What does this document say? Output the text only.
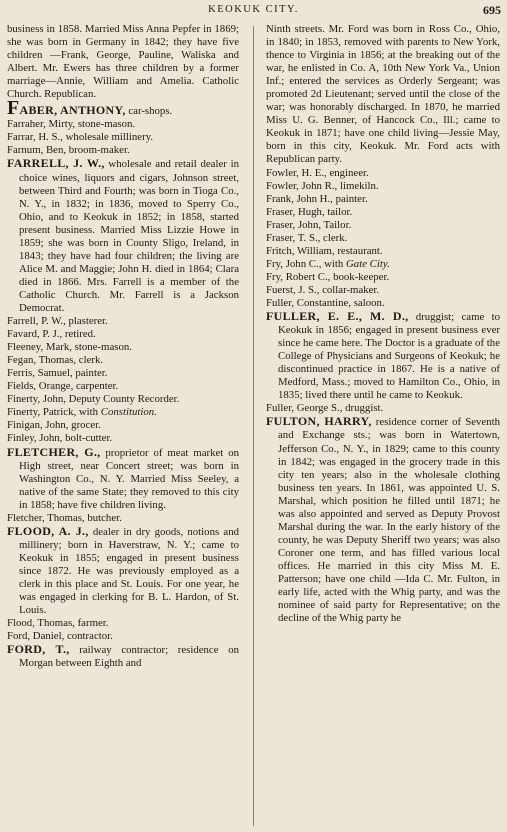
KEOKUK CITY.	695

business in 1858. Married Miss Anna Pepfer in 1869; she was born in Germany in 1842; they have five children —Frank, George, Pauline, Waliska and Albert. Mr. Ewers has three children by a former marriage—Annie, William and Amelia. Catholic Church. Republican.

FABER, ANTHONY, car-shops.

Farraher, Mirty, stone-mason.

Farrar, H. S., wholesale millinery.

Farnum, Ben, broom-maker.

FARRELL, J. W., wholesale and retail dealer in choice wines, liquors and cigars, Johnson street, between Third and Fourth; was born in Tioga Co., N. Y., in 1832; in 1836, moved to Sperry Co., Ohio, and to Keokuk in 1852; in 1858, started present business. Married Miss Lizzie Howe in 1859; she was born in County Sligo, Ireland, in 1843; they have had four children; the living are Alice M. and Maggie; John H. died in 1864; Clara died in 1866. Mrs. Farrell is a member of the Catholic Church. Mr. Farrell is a Jackson Democrat.

Farrell, P. W., plasterer.

Favard, P. J., retired.

Fleeney, Mark, stone-mason.

Fegan, Thomas, clerk.

Ferris, Samuel, painter.

Fields, Orange, carpenter.

Finerty, John, Deputy County Recorder.

Finerty, Patrick, with Constitution.

Finigan, John, grocer.

Finley, John, bolt-cutter.

FLETCHER, G., proprietor of meat market on High street, near Concert street; was born in Washington Co., N. Y. Married Miss Seeley, a native of the same State; they removed to this city in 1858; have five children living.

Fletcher, Thomas, butcher.

FLOOD, A. J., dealer in dry goods, notions and millinery; born in Haverstraw, N. Y.; came to Keokuk in 1855; engaged in present business since 1872. He was previously employed as a clerk in this place and St. Louis. For one year, he was engaged in clerking for B. L. Hardon, of St. Louis.

Flood, Thomas, farmer.

Ford, Daniel, contractor.

FORD, T., railway contractor; residence on Morgan between Eighth and

Ninth streets. Mr. Ford was born in Ross Co., Ohio, in 1840; in 1853, removed with parents to New York, thence to Virginia in 1856; at the breaking out of the war, he enlisted in Co. A, 10th New York Va., Union Inf.; entered the services as Orderly Sergeant; was promoted 2d Lieutenant; served until the close of the war; was honorably discharged. In 1870, he married Miss U. G. Benner, of Hancock Co., Ill.; came to Keokuk in 1871; have one child living—Jessie May, born in this city, Keokuk. Mr. Ford acts with Republican party.

Fowler, H. E., engineer.

Fowler, John R., limekiln.

Frank, John H., painter.

Fraser, Hugh, tailor.

Fraser, John, Tailor.

Fraser, T. S., clerk.

Fritch, William, restaurant.

Fry, John C., with Gate City.

Fry, Robert C., book-keeper.

Fuerst, J. S., collar-maker.

Fuller, Constantine, saloon.

FULLER, E. E., M. D., druggist; came to Keokuk in 1856; engaged in present business ever since he came here. The Doctor is a graduate of the College of Physicians and Surgeons of Keokuk; he discontinued practice in 1867. He is a native of Medford, Mass.; moved to Hamilton Co., Ohio, in 1835; lived there until he came to Keokuk.

Fuller, George S., druggist.

FULTON, HARRY, residence corner of Seventh and Exchange sts.; was born in Watertown, Jefferson Co., N. Y., in 1829; came to this county in 1842; was engaged in the grocery trade in this city ten years; also in the wholesale clothing business ten years. In 1861, was appointed U. S. Marshal, which position he filled until 1871; he was also appointed and served as Deputy Provost Marshal during the war. In the early history of the county, he was Deputy Sheriff two years; was also Coroner one term, and has filled various local offices. He married in this city Miss M. E. Patterson; have one child —Ida C. Mr. Fulton, in early life, acted with the Whig party, and was the nominee of said party for Representative; on the decline of the Whig party he
